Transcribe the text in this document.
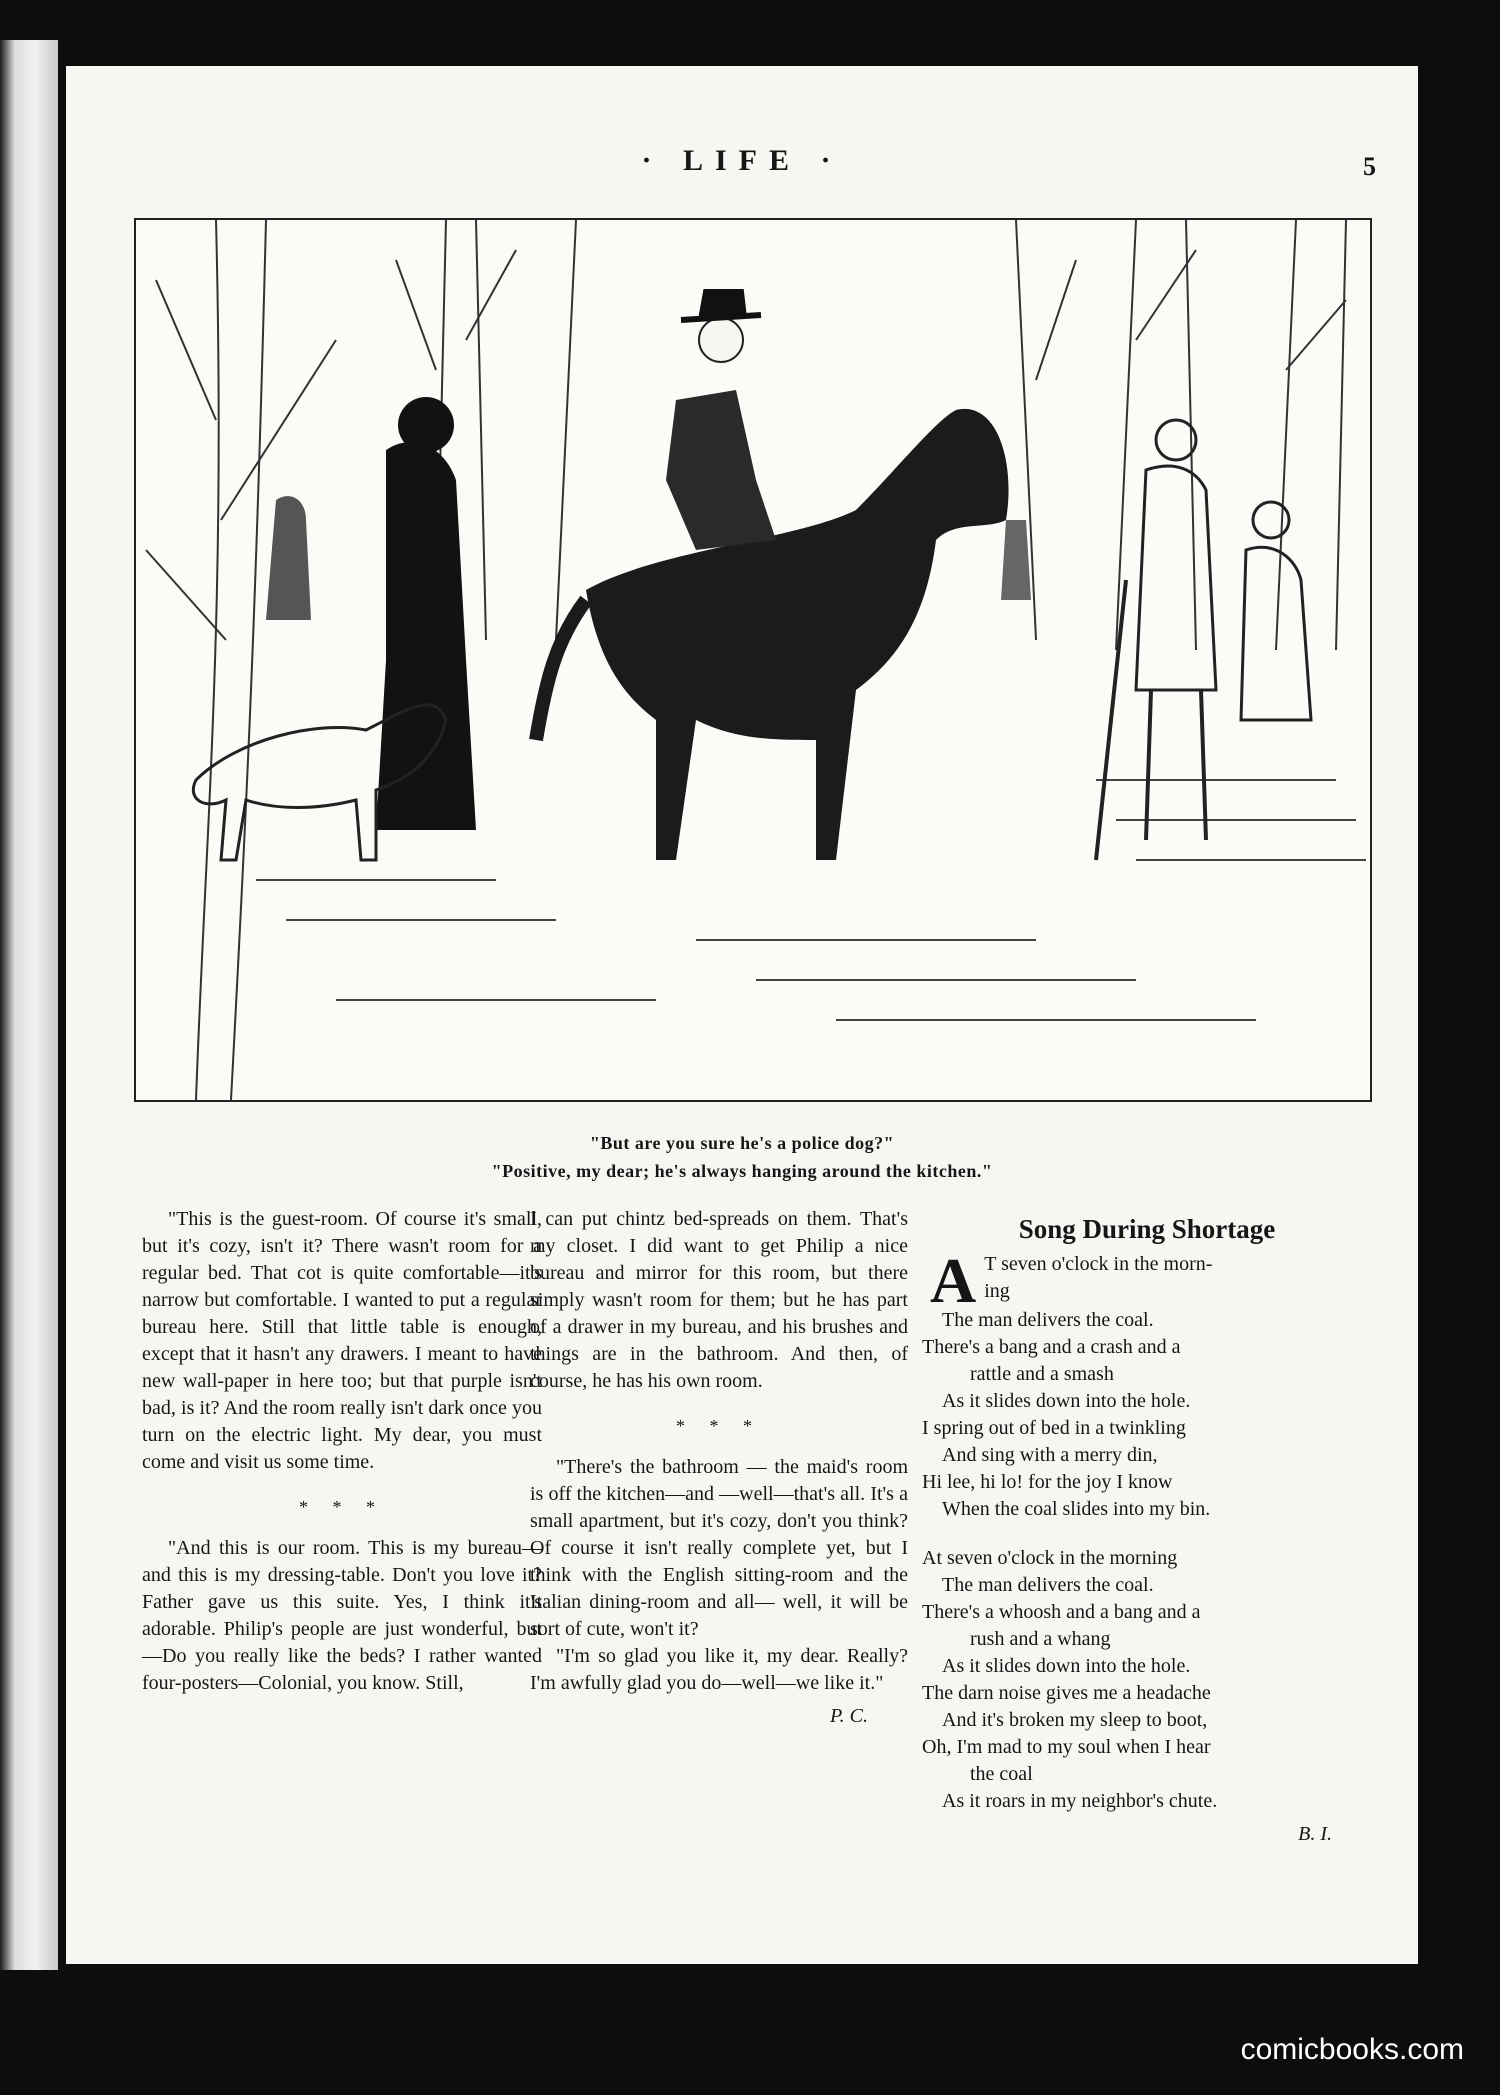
· LIFE ·	5
"But are you sure he's a police dog?"
"Positive, my dear; he's always hanging around the kitchen."

"This is the guest-room. Of course it's small, but it's cozy, isn't it? There wasn't room for a regular bed. That cot is quite comfortable—it's narrow but comfortable. I wanted to put a regular bureau here. Still that little table is enough, except that it hasn't any drawers. I meant to have new wall-paper in here too; but that purple isn't bad, is it? And the room really isn't dark once you turn on the electric light. My dear, you must come and visit us some time.

* * *

"And this is our room. This is my bureau—and this is my dressing-table. Don't you love it? Father gave us this suite. Yes, I think it's adorable. Philip's people are just wonderful, but—Do you really like the beds? I rather wanted four-posters—Colonial, you know. Still,

I can put chintz bed-spreads on them. That's my closet. I did want to get Philip a nice bureau and mirror for this room, but there simply wasn't room for them; but he has part of a drawer in my bureau, and his brushes and things are in the bathroom. And then, of course, he has his own room.

* * *

"There's the bathroom — the maid's room is off the kitchen—and —well—that's all. It's a small apartment, but it's cozy, don't you think? Of course it isn't really complete yet, but I think with the English sitting-room and the Italian dining-room and all— well, it will be sort of cute, won't it?

"I'm so glad you like it, my dear. Really? I'm awfully glad you do—well—we like it."

P. C.
Song During Shortage
A T seven o'clock in the morn-
ing
The man delivers the coal.
There's a bang and a crash and a
rattle and a smash
As it slides down into the hole.
I spring out of bed in a twinkling
And sing with a merry din,
Hi lee, hi lo! for the joy I know
When the coal slides into my bin.
At seven o'clock in the morning
The man delivers the coal.
There's a whoosh and a bang and a
rush and a whang
As it slides down into the hole.
The darn noise gives me a headache
And it's broken my sleep to boot,
Oh, I'm mad to my soul when I hear
the coal
As it roars in my neighbor's chute.
B. I.
comicbooks.com
